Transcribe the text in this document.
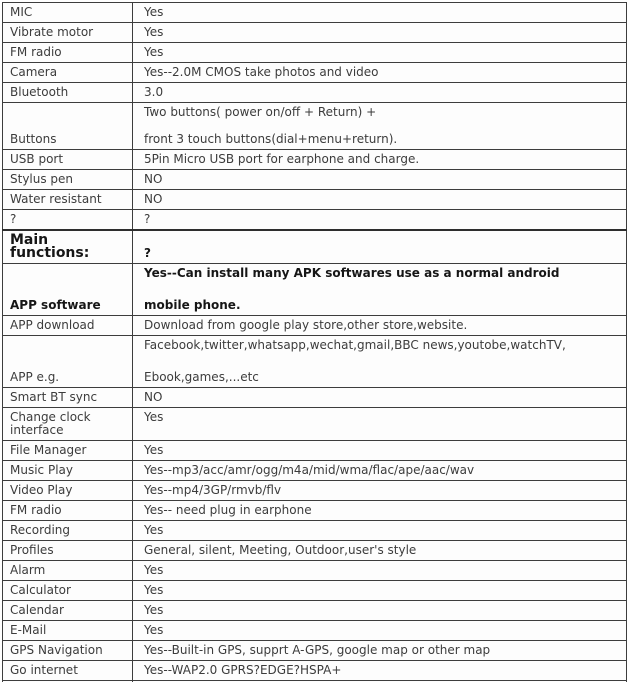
MIC	Yes

Vibrate motor	Yes

FM radio	Yes

Camera	Yes--2.0M CMOS take photos and video

Bluetooth	3.0

Buttons	Two buttons( power on/off + Return) +
front 3 touch buttons(dial+menu+return).

USB port	5Pin Micro USB port for earphone and charge.

Stylus pen	NO

Water resistant	NO

?	?

Main functions:	?

APP software	Yes--Can install many APK softwares use as a normal android
mobile phone.

APP download	Download from google play store,other store,website.

APP e.g.	Facebook,twitter,whatsapp,wechat,gmail,BBC news,youtobe,watchTV,
Ebook,games,...etc

Smart BT sync	NO

Change clock interface	Yes

File Manager	Yes

Music Play	Yes--mp3/acc/amr/ogg/m4a/mid/wma/flac/ape/aac/wav

Video Play	Yes--mp4/3GP/rmvb/flv

FM radio	Yes-- need plug in earphone

Recording	Yes

Profiles	General, silent, Meeting, Outdoor,user's style

Alarm	Yes

Calculator	Yes

Calendar	Yes

E-Mail	Yes

GPS Navigation	Yes--Built-in GPS, supprt A-GPS, google map or other map

Go internet	Yes--WAP2.0 GPRS?EDGE?HSPA+
